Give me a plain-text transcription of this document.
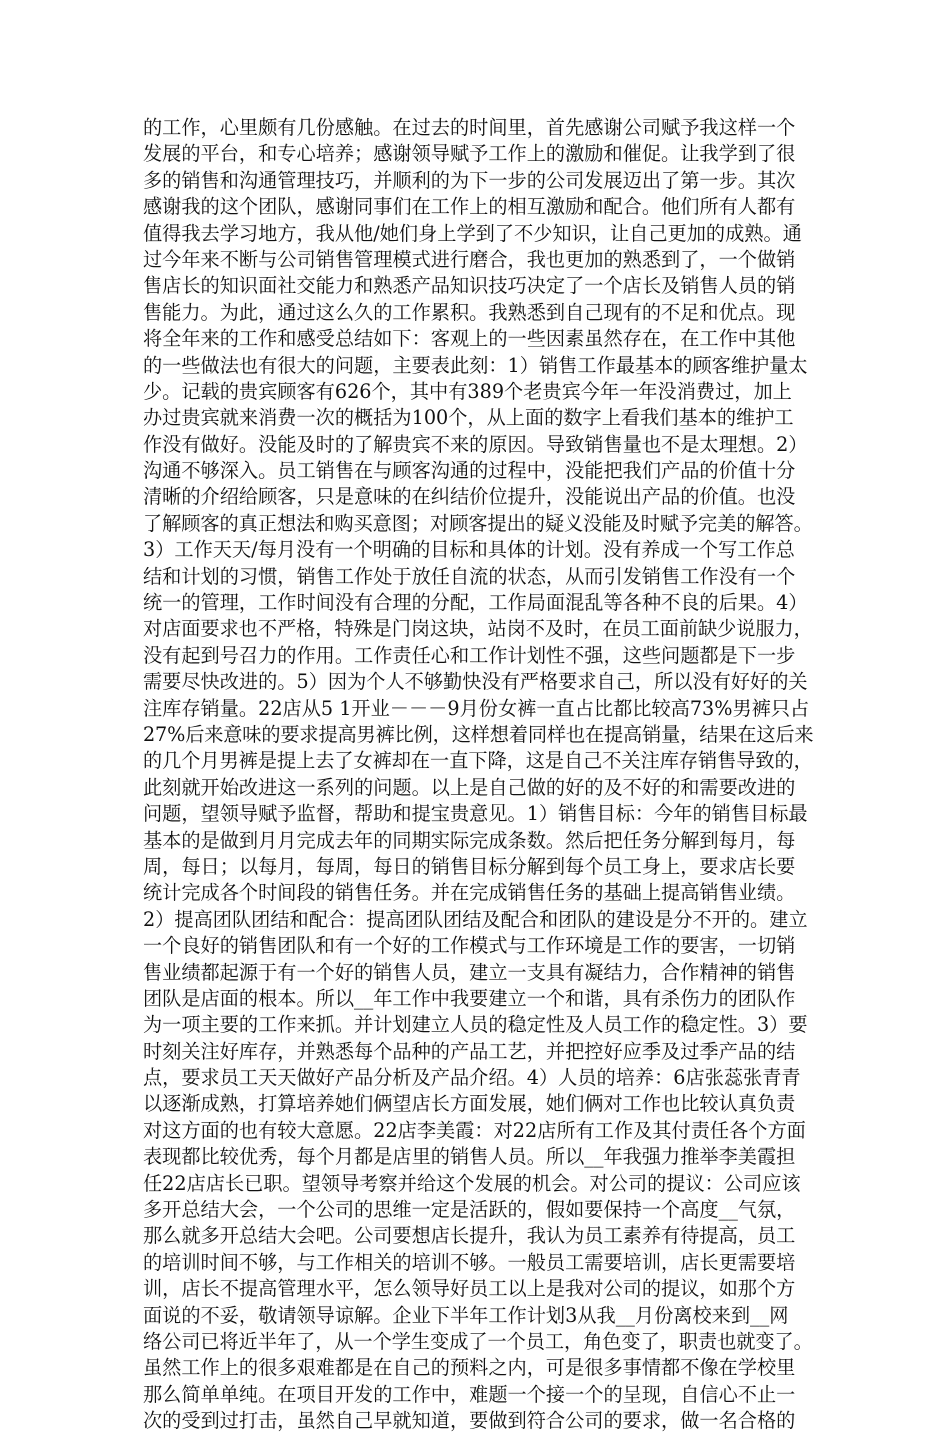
的工作，心里颇有几份感触。在过去的时间里，首先感谢公司赋予我这样一个
发展的平台，和专心培养；感谢领导赋予工作上的激励和催促。让我学到了很
多的销售和沟通管理技巧，并顺利的为下一步的公司发展迈出了第一步。其次
感谢我的这个团队，感谢同事们在工作上的相互激励和配合。他们所有人都有
值得我去学习地方，我从他/她们身上学到了不少知识，让自己更加的成熟。通
过今年来不断与公司销售管理模式进行磨合，我也更加的熟悉到了，一个做销
售店长的知识面社交能力和熟悉产品知识技巧决定了一个店长及销售人员的销
售能力。为此，通过这么久的工作累积。我熟悉到自己现有的不足和优点。现
将全年来的工作和感受总结如下：客观上的一些因素虽然存在，在工作中其他
的一些做法也有很大的问题，主要表此刻：1）销售工作最基本的顾客维护量太
少。记载的贵宾顾客有626个，其中有389个老贵宾今年一年没消费过，加上
办过贵宾就来消费一次的概括为100个，从上面的数字上看我们基本的维护工
作没有做好。没能及时的了解贵宾不来的原因。导致销售量也不是太理想。2）
沟通不够深入。员工销售在与顾客沟通的过程中，没能把我们产品的价值十分
清晰的介绍给顾客，只是意味的在纠结价位提升，没能说出产品的价值。也没
了解顾客的真正想法和购买意图；对顾客提出的疑义没能及时赋予完美的解答。
3）工作天天/每月没有一个明确的目标和具体的计划。没有养成一个写工作总
结和计划的习惯，销售工作处于放任自流的状态，从而引发销售工作没有一个
统一的管理，工作时间没有合理的分配，工作局面混乱等各种不良的后果。4）
对店面要求也不严格，特殊是门岗这块，站岗不及时，在员工面前缺少说服力，
没有起到号召力的作用。工作责任心和工作计划性不强，这些问题都是下一步
需要尽快改进的。5）因为个人不够勤快没有严格要求自己，所以没有好好的关
注库存销量。22店从5 1开业－－－9月份女裤一直占比都比较高73%男裤只占
27%后来意味的要求提高男裤比例，这样想着同样也在提高销量，结果在这后来
的几个月男裤是提上去了女裤却在一直下降，这是自己不关注库存销售导致的，
此刻就开始改进这一系列的问题。以上是自己做的好的及不好的和需要改进的
问题，望领导赋予监督，帮助和提宝贵意见。1）销售目标：今年的销售目标最
基本的是做到月月完成去年的同期实际完成条数。然后把任务分解到每月，每
周，每日；以每月，每周，每日的销售目标分解到每个员工身上，要求店长要
统计完成各个时间段的销售任务。并在完成销售任务的基础上提高销售业绩。
2）提高团队团结和配合：提高团队团结及配合和团队的建设是分不开的。建立
一个良好的销售团队和有一个好的工作模式与工作环境是工作的要害，一切销
售业绩都起源于有一个好的销售人员，建立一支具有凝结力，合作精神的销售
团队是店面的根本。所以__年工作中我要建立一个和谐，具有杀伤力的团队作
为一项主要的工作来抓。并计划建立人员的稳定性及人员工作的稳定性。3）要
时刻关注好库存，并熟悉每个品种的产品工艺，并把控好应季及过季产品的结
点，要求员工天天做好产品分析及产品介绍。4）人员的培养：6店张蕊张青青
以逐渐成熟，打算培养她们俩望店长方面发展，她们俩对工作也比较认真负责
对这方面的也有较大意愿。22店李美霞：对22店所有工作及其付责任各个方面
表现都比较优秀，每个月都是店里的销售人员。所以__年我强力推举李美霞担
任22店店长已职。望领导考察并给这个发展的机会。对公司的提议：公司应该
多开总结大会，一个公司的思维一定是活跃的，假如要保持一个高度__气氛，
那么就多开总结大会吧。公司要想店长提升，我认为员工素养有待提高，员工
的培训时间不够，与工作相关的培训不够。一般员工需要培训，店长更需要培
训，店长不提高管理水平，怎么领导好员工以上是我对公司的提议，如那个方
面说的不妥，敬请领导谅解。企业下半年工作计划3从我__月份离校来到__网
络公司已将近半年了，从一个学生变成了一个员工，角色变了，职责也就变了。
虽然工作上的很多艰难都是在自己的预料之内，可是很多事情都不像在学校里
那么简单单纯。在项目开发的工作中，难题一个接一个的呈现，自信心不止一
次的受到过打击，虽然自己早就知道，要做到符合公司的要求，做一名合格的
